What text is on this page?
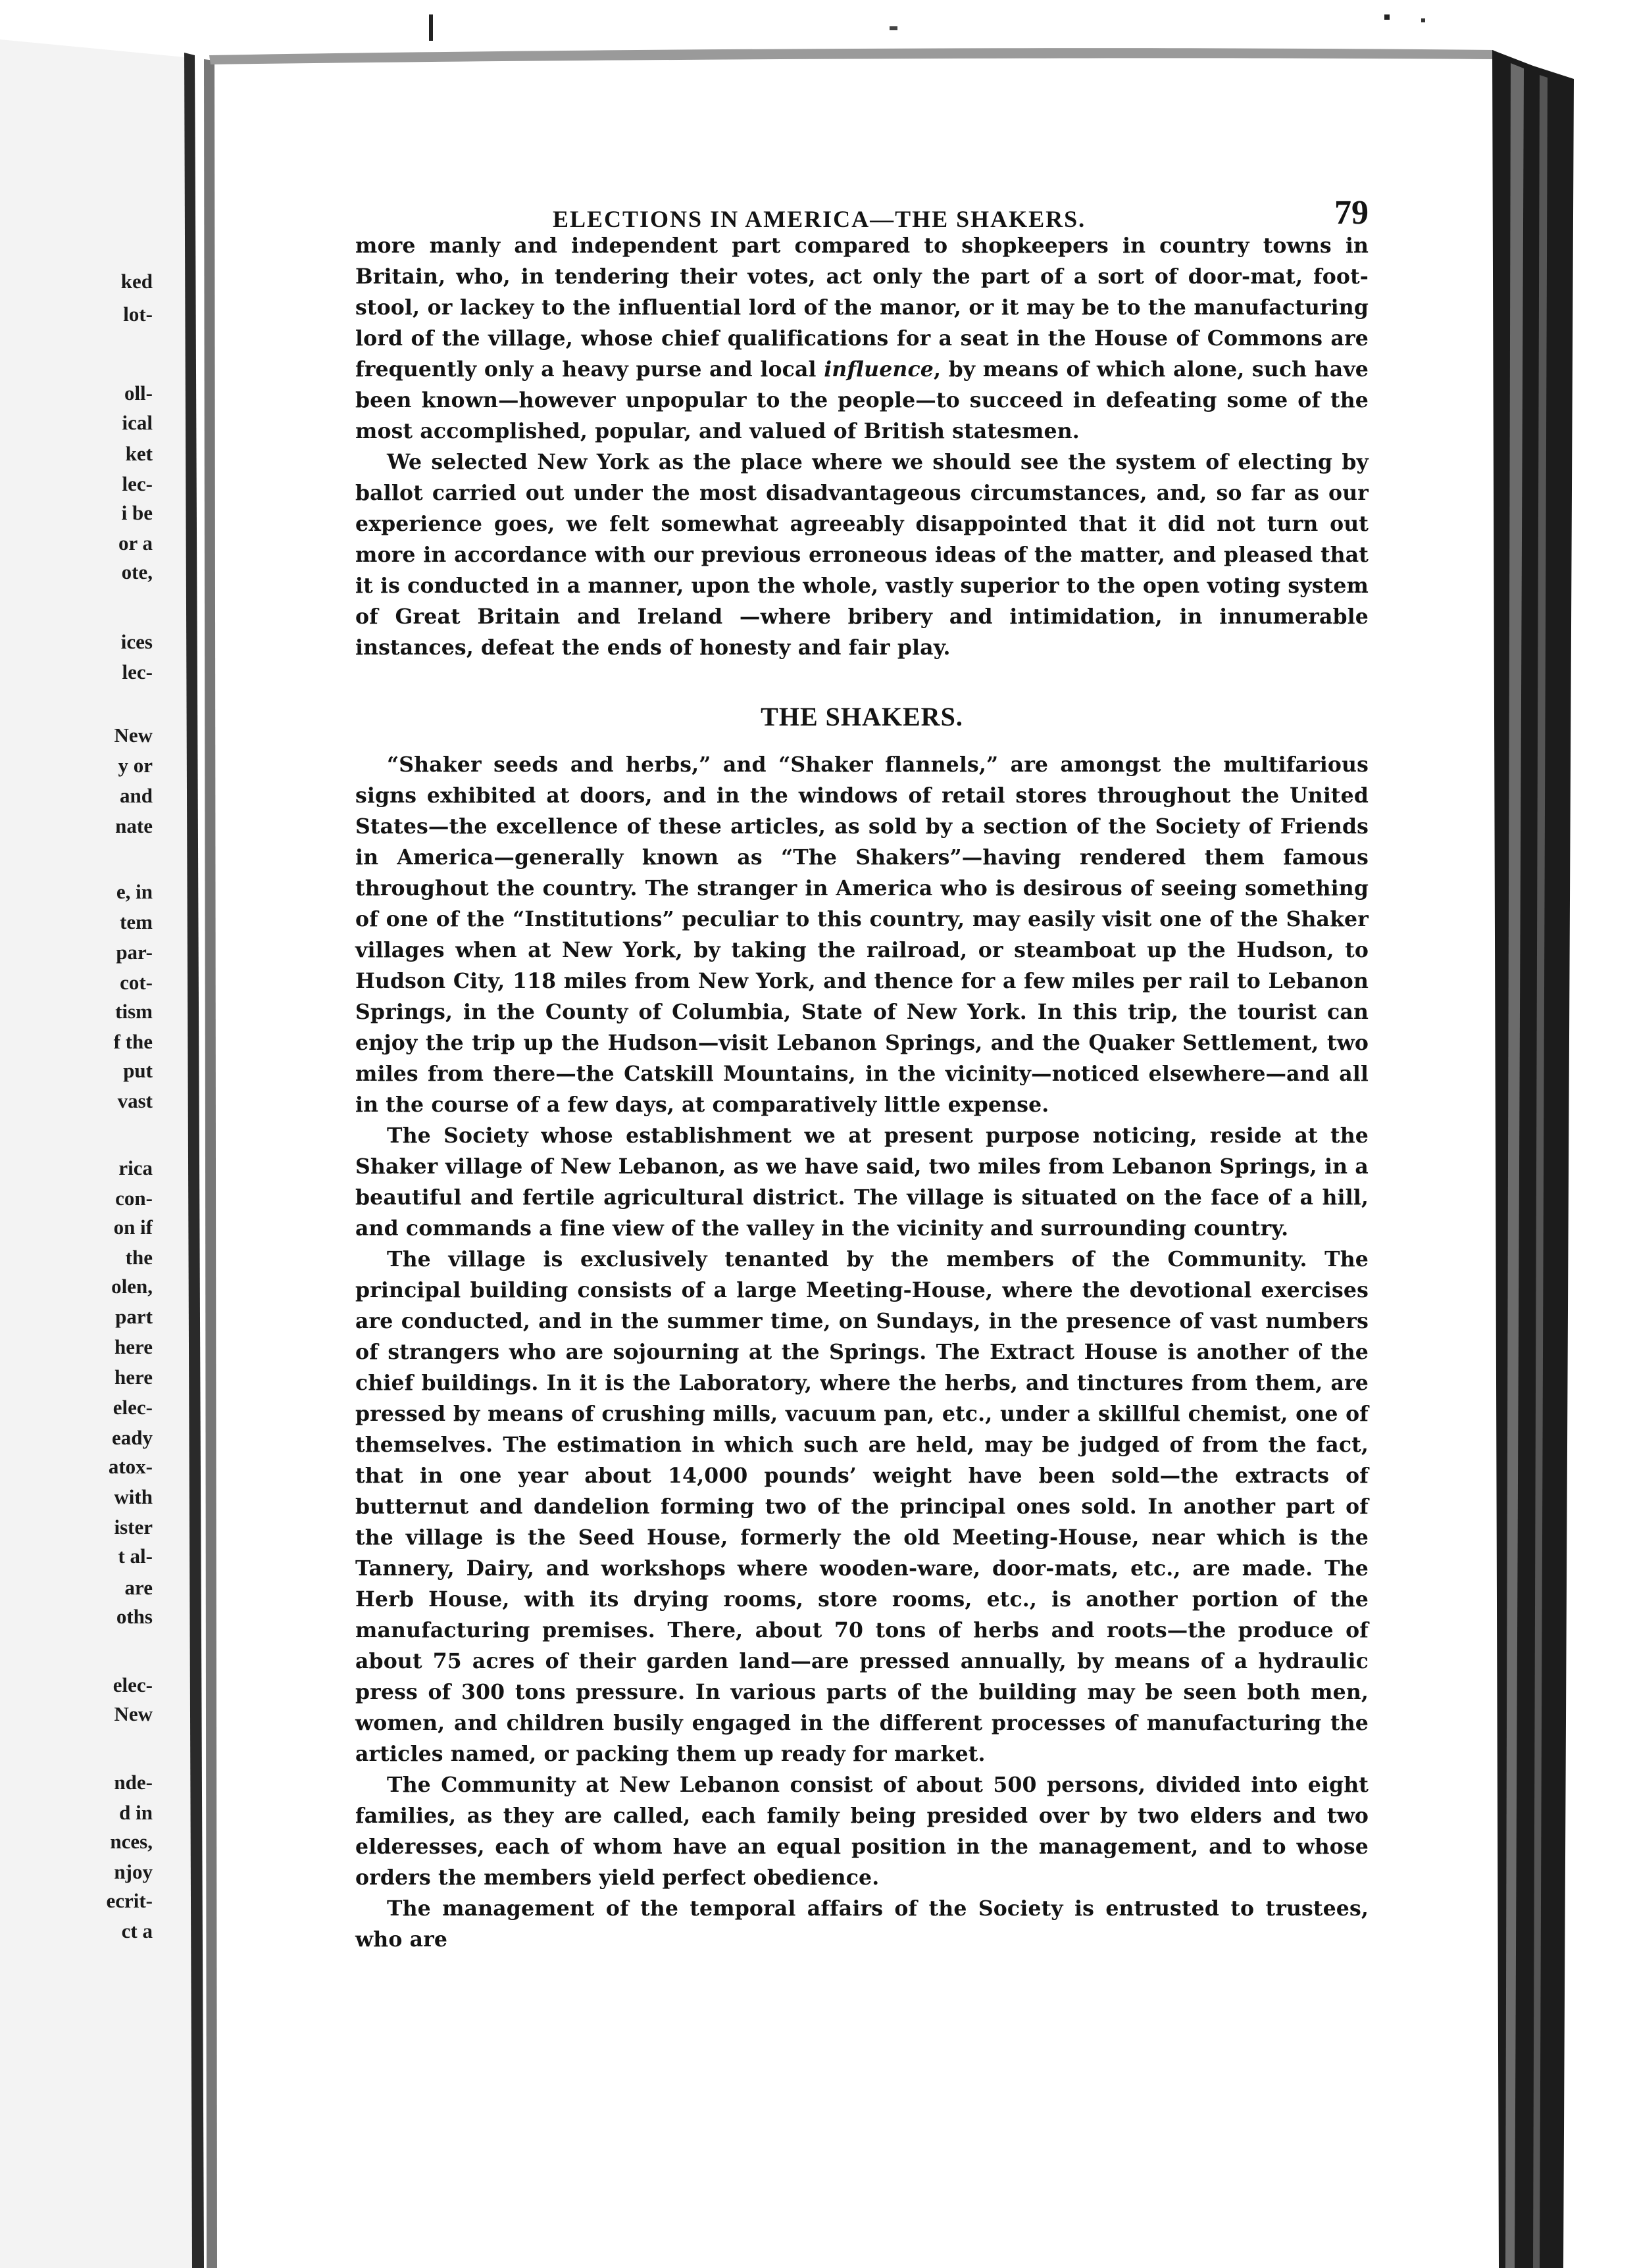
ked
lot-
oll-
ical
ket
lec-
i be
or a
ote,
ices
lec-
New
y or
and
nate
e, in
tem
par-
cot-
tism
f the
put
vast
rica
con-
on if
the
olen,
part
here
here
elec-
eady
atox-
with
ister
t al-
are
oths
elec-
New
nde-
d in
nces,
njoy
ecrit-
ct a
ELECTIONS IN AMERICA—THE SHAKERS.	79

more manly and independent part compared to shopkeepers in country towns in Britain, who, in tendering their votes, act only the part of a sort of door-mat, foot-stool, or lackey to the influential lord of the manor, or it may be to the manufacturing lord of the village, whose chief qualifications for a seat in the House of Commons are frequently only a heavy purse and local influence, by means of which alone, such have been known—however unpopular to the people—to succeed in defeating some of the most accomplished, popular, and valued of British statesmen.

We selected New York as the place where we should see the system of electing by ballot carried out under the most disadvantageous circumstances, and, so far as our experience goes, we felt somewhat agreeably disappointed that it did not turn out more in accordance with our previous erroneous ideas of the matter, and pleased that it is conducted in a manner, upon the whole, vastly superior to the open voting system of Great Britain and Ireland —where bribery and intimidation, in innumerable instances, defeat the ends of honesty and fair play.

THE SHAKERS.

“Shaker seeds and herbs,” and “Shaker flannels,” are amongst the multifarious signs exhibited at doors, and in the windows of retail stores throughout the United States—the excellence of these articles, as sold by a section of the Society of Friends in America—generally known as “The Shakers”—having rendered them famous throughout the country. The stranger in America who is desirous of seeing something of one of the “Institutions” peculiar to this country, may easily visit one of the Shaker villages when at New York, by taking the railroad, or steamboat up the Hudson, to Hudson City, 118 miles from New York, and thence for a few miles per rail to Lebanon Springs, in the County of Columbia, State of New York. In this trip, the tourist can enjoy the trip up the Hudson—visit Lebanon Springs, and the Quaker Settlement, two miles from there—the Catskill Mountains, in the vicinity—noticed elsewhere—and all in the course of a few days, at comparatively little expense.

The Society whose establishment we at present purpose noticing, reside at the Shaker village of New Lebanon, as we have said, two miles from Lebanon Springs, in a beautiful and fertile agricultural district. The village is situated on the face of a hill, and commands a fine view of the valley in the vicinity and surrounding country.

The village is exclusively tenanted by the members of the Community. The principal building consists of a large Meeting-House, where the devotional exercises are conducted, and in the summer time, on Sundays, in the presence of vast numbers of strangers who are sojourning at the Springs. The Extract House is another of the chief buildings. In it is the Laboratory, where the herbs, and tinctures from them, are pressed by means of crushing mills, vacuum pan, etc., under a skillful chemist, one of themselves. The estimation in which such are held, may be judged of from the fact, that in one year about 14,000 pounds’ weight have been sold—the extracts of butternut and dandelion forming two of the principal ones sold. In another part of the village is the Seed House, formerly the old Meeting-House, near which is the Tannery, Dairy, and workshops where wooden-ware, door-mats, etc., are made. The Herb House, with its drying rooms, store rooms, etc., is another portion of the manufacturing premises. There, about 70 tons of herbs and roots—the produce of about 75 acres of their garden land—are pressed annually, by means of a hydraulic press of 300 tons pressure. In various parts of the building may be seen both men, women, and children busily engaged in the different processes of manufacturing the articles named, or packing them up ready for market.

The Community at New Lebanon consist of about 500 persons, divided into eight families, as they are called, each family being presided over by two elders and two elderesses, each of whom have an equal position in the management, and to whose orders the members yield perfect obedience.

The management of the temporal affairs of the Society is entrusted to trustees, who are
